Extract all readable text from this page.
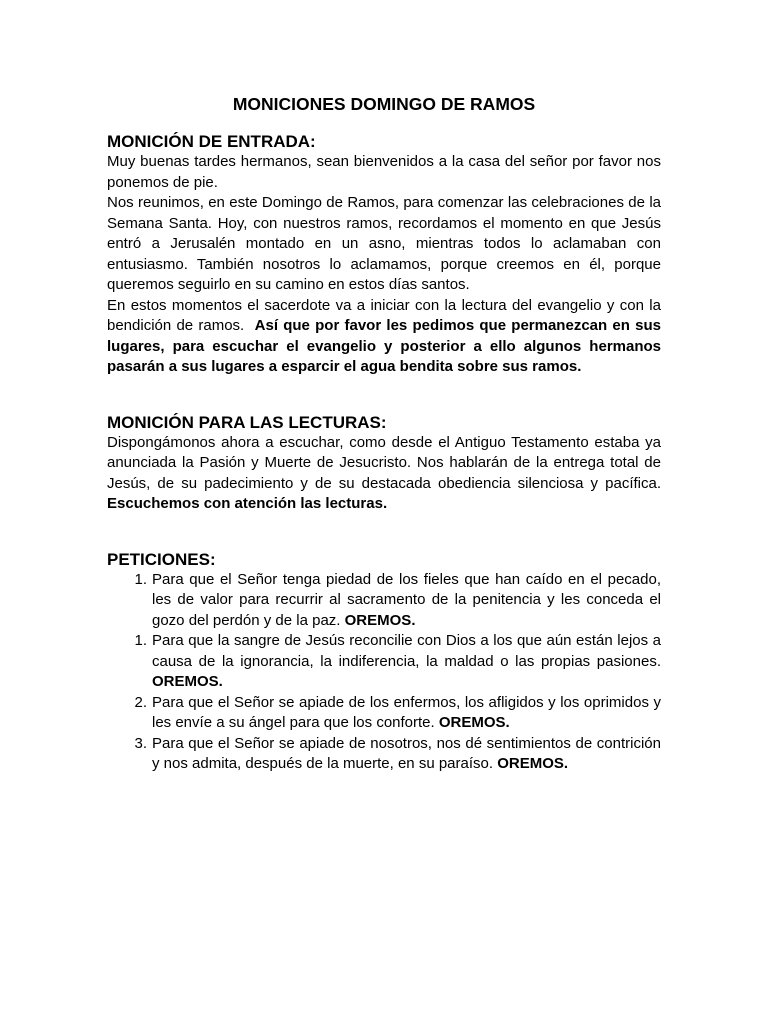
MONICIONES DOMINGO DE RAMOS
MONICIÓN DE ENTRADA:

Muy buenas tardes hermanos, sean bienvenidos a la casa del señor por favor nos ponemos de pie.

Nos reunimos, en este Domingo de Ramos, para comenzar las celebraciones de la Semana Santa. Hoy, con nuestros ramos, recordamos el momento en que Jesús entró a Jerusalén montado en un asno, mientras todos lo aclamaban con entusiasmo. También nosotros lo aclamamos, porque creemos en él, porque queremos seguirlo en su camino en estos días santos.

En estos momentos el sacerdote va a iniciar con la lectura del evangelio y con la bendición de ramos. Así que por favor les pedimos que permanezcan en sus lugares, para escuchar el evangelio y posterior a ello algunos hermanos pasarán a sus lugares a esparcir el agua bendita sobre sus ramos.

MONICIÓN PARA LAS LECTURAS:

Dispongámonos ahora a escuchar, como desde el Antiguo Testamento estaba ya anunciada la Pasión y Muerte de Jesucristo. Nos hablarán de la entrega total de Jesús, de su padecimiento y de su destacada obediencia silenciosa y pacífica. Escuchemos con atención las lecturas.

PETICIONES:
1. Para que el Señor tenga piedad de los fieles que han caído en el pecado, les de valor para recurrir al sacramento de la penitencia y les conceda el gozo del perdón y de la paz. OREMOS.
1. Para que la sangre de Jesús reconcilie con Dios a los que aún están lejos a causa de la ignorancia, la indiferencia, la maldad o las propias pasiones. OREMOS.
2. Para que el Señor se apiade de los enfermos, los afligidos y los oprimidos y les envíe a su ángel para que los conforte. OREMOS.
3. Para que el Señor se apiade de nosotros, nos dé sentimientos de contrición y nos admita, después de la muerte, en su paraíso. OREMOS.
